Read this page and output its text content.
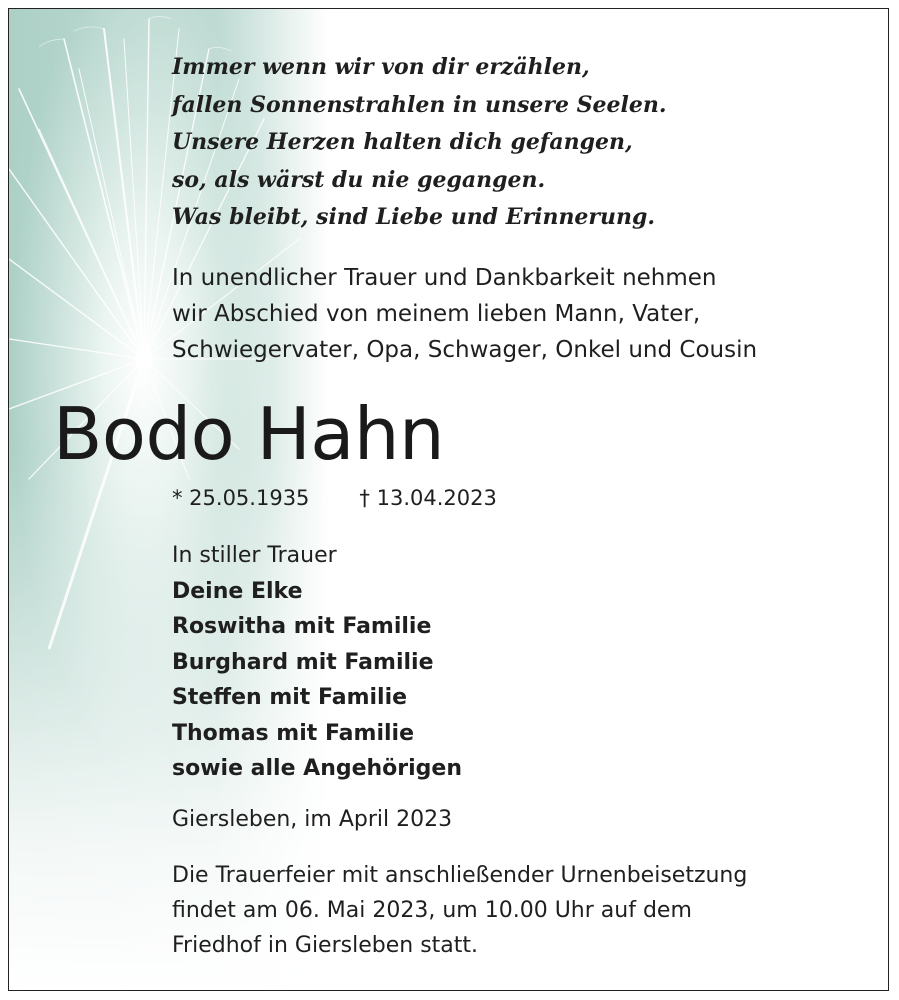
Immer wenn wir von dir erzählen,
fallen Sonnenstrahlen in unsere Seelen.
Unsere Herzen halten dich gefangen,
so, als wärst du nie gegangen.
Was bleibt, sind Liebe und Erinnerung.
In unendlicher Trauer und Dankbarkeit nehmen
wir Abschied von meinem lieben Mann, Vater,
Schwiegervater, Opa, Schwager, Onkel und Cousin
Bodo Hahn
* 25.05.1935 † 13.04.2023
In stiller Trauer
Deine Elke
Roswitha mit Familie
Burghard mit Familie
Steffen mit Familie
Thomas mit Familie
sowie alle Angehörigen
Giersleben, im April 2023
Die Trauerfeier mit anschließender Urnenbeisetzung
findet am 06. Mai 2023, um 10.00 Uhr auf dem
Friedhof in Giersleben statt.
